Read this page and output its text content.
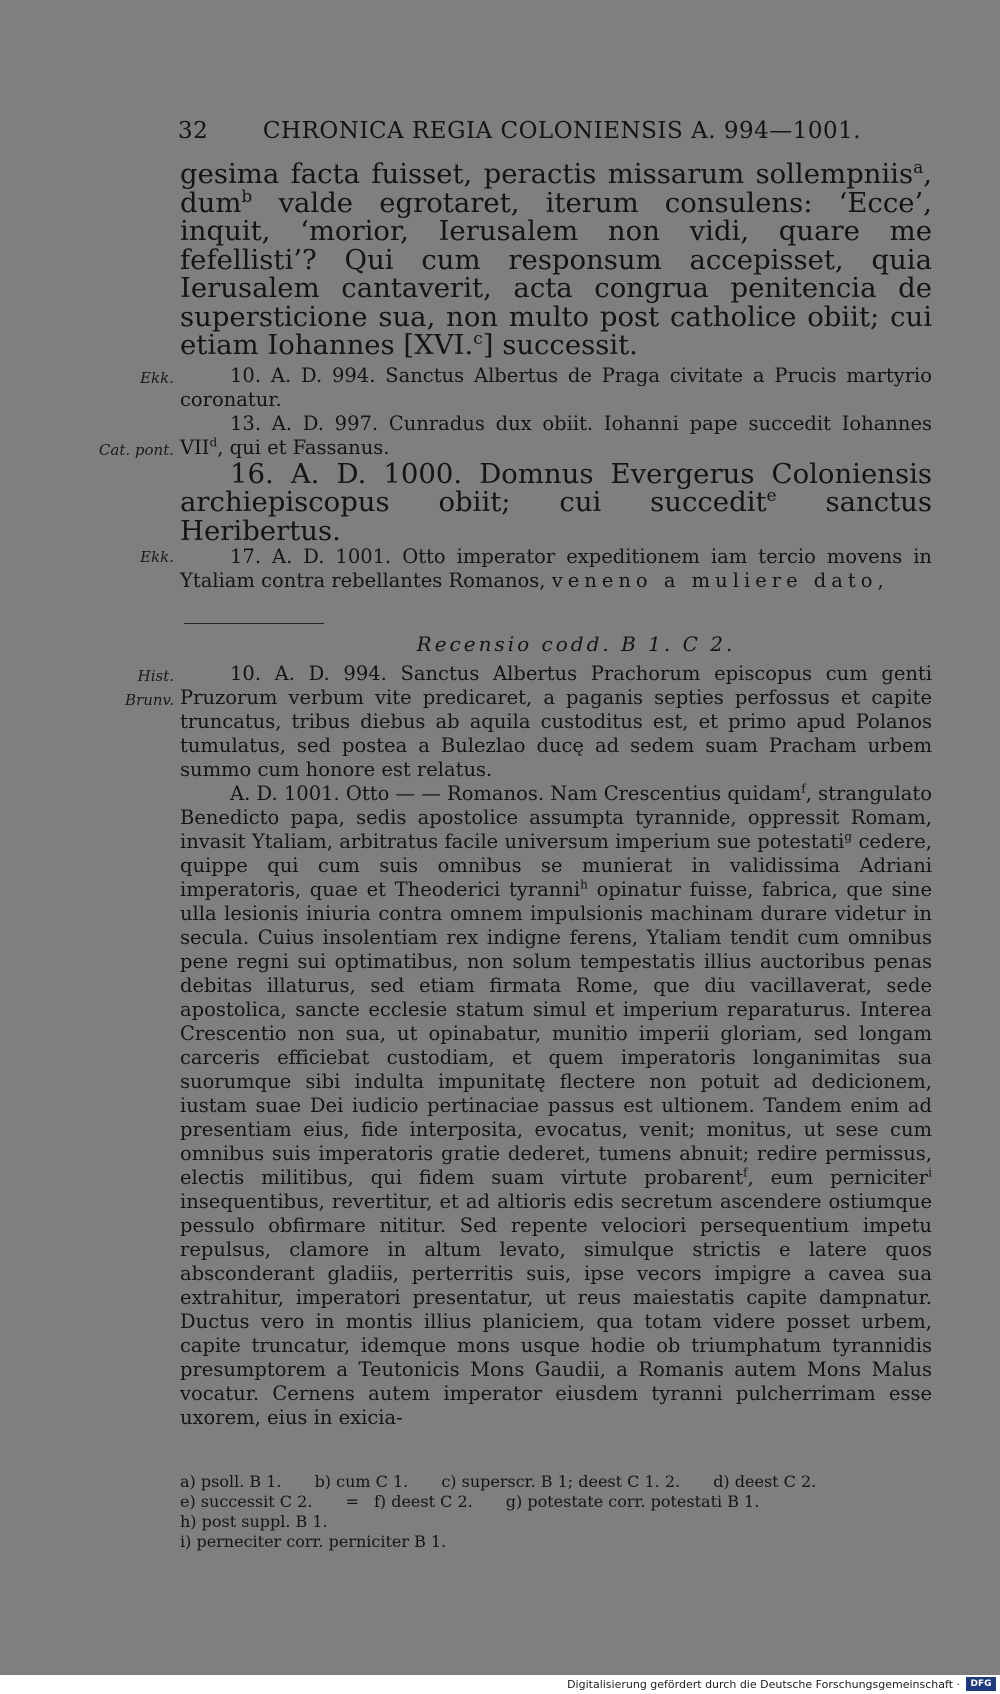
32	CHRONICA REGIA COLONIENSIS A. 994—1001.

gesima facta fuisset, peractis missarum sollempniis$^a$, dum$^b$ valde egrotaret, iterum consulens: ‘Ecce’, inquit, ‘morior, Ierusalem non vidi, quare me fefellisti’? Qui cum responsum accepisset, quia Ierusalem cantaverit, acta congrua penitencia de supersticione sua, non multo post catholice obiit; cui etiam Iohannes [XVI.$^c$] successit.

Ekk.	10. A. D. 994. Sanctus Albertus de Praga civitate a Prucis martyrio coronatur.

Cat. pont.

13. A. D. 997. Cunradus dux obiit. Iohanni pape succedit Iohannes VII$^d$, qui et Fassanus.

16. A. D. 1000. Domnus Evergerus Coloniensis archiepiscopus obiit; cui succedit$^e$ sanctus Heribertus.

Ekk.	17. A. D. 1001. Otto imperator expeditionem iam tercio movens in Ytaliam contra rebellantes Romanos, veneno a muliere dato,

Recensio codd. B 1. C 2.
Hist. Brunv.

10. A. D. 994. Sanctus Albertus Prachorum episcopus cum genti Pruzorum verbum vite predicaret, a paganis septies perfossus et capite truncatus, tribus diebus ab aquila custoditus est, et primo apud Polanos tumulatus, sed postea a Bulezlao ducę ad sedem suam Pracham urbem summo cum honore est relatus.

A. D. 1001. Otto — — Romanos. Nam Crescentius quidam$^f$, strangulato Benedicto papa, sedis apostolice assumpta tyrannide, oppressit Romam, invasit Ytaliam, arbitratus facile universum imperium sue potestati$^g$ cedere, quippe qui cum suis omnibus se munierat in validissima Adriani imperatoris, quae et Theoderici tyranni$^h$ opinatur fuisse, fabrica, que sine ulla lesionis iniuria contra omnem impulsionis machinam durare videtur in secula. Cuius insolentiam rex indigne ferens, Ytaliam tendit cum omnibus pene regni sui optimatibus, non solum tempestatis illius auctoribus penas debitas illaturus, sed etiam firmata Rome, que diu vacillaverat, sede apostolica, sancte ecclesie statum simul et imperium reparaturus. Interea Crescentio non sua, ut opinabatur, munitio imperii gloriam, sed longam carceris efficiebat custodiam, et quem imperatoris longanimitas sua suorumque sibi indulta impunitatę flectere non potuit ad dedicionem, iustam suae Dei iudicio pertinaciae passus est ultionem. Tandem enim ad presentiam eius, fide interposita, evocatus, venit; monitus, ut sese cum omnibus suis imperatoris gratie dederet, tumens abnuit; redire permissus, electis militibus, qui fidem suam virtute probarent$^f$, eum perniciter$^i$ insequentibus, revertitur, et ad altioris edis secretum ascendere ostiumque pessulo obfirmare nititur. Sed repente velociori persequentium impetu repulsus, clamore in altum levato, simulque strictis e latere quos absconderant gladiis, perterritis suis, ipse vecors impigre a cavea sua extrahitur, imperatori presentatur, ut reus maiestatis capite dampnatur. Ductus vero in montis illius planiciem, qua totam videre posset urbem, capite truncatur, idemque mons usque hodie ob triumphatum tyrannidis presumptorem a Teutonicis Mons Gaudii, a Romanis autem Mons Malus vocatur. Cernens autem imperator eiusdem tyranni pulcherrimam esse uxorem, eius in exicia-

a) psoll. B 1. b) cum C 1. c) superscr. B 1; deest C 1. 2. d) deest C 2.
e) successit C 2. = f) deest C 2. g) potestate corr. potestati B 1. h) post suppl. B 1.
i) perneciter corr. perniciter B 1.
Digitalisierung gefördert durch die Deutsche Forschungsgemeinschaft ·	DFG
